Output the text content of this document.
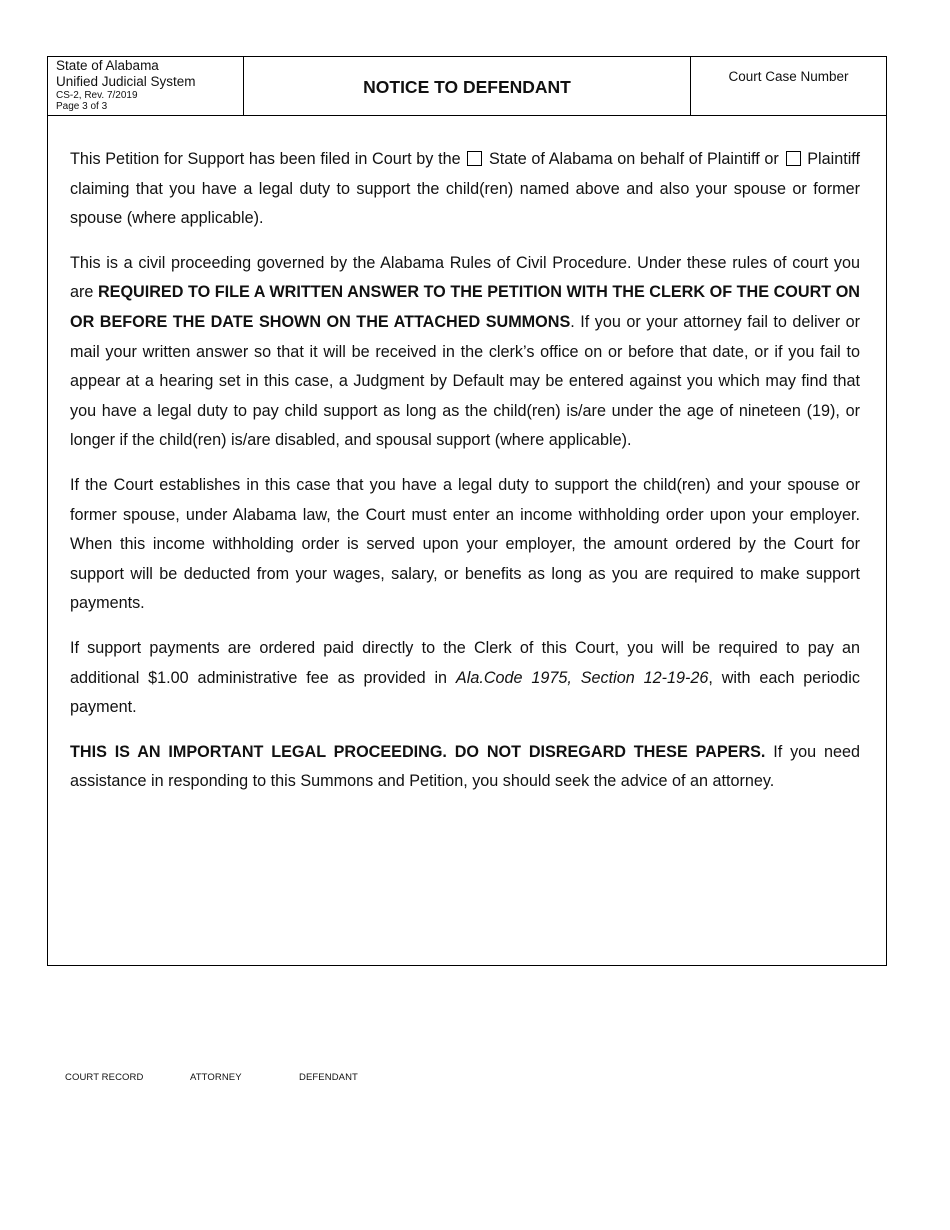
State of Alabama
Unified Judicial System
CS-2, Rev. 7/2019
Page 3 of 3
NOTICE TO DEFENDANT	Court Case Number

This Petition for Support has been filed in Court by the State of Alabama on behalf of Plaintiff or Plaintiff claiming that you have a legal duty to support the child(ren) named above and also your spouse or former spouse (where applicable).

This is a civil proceeding governed by the Alabama Rules of Civil Procedure. Under these rules of court you are REQUIRED TO FILE A WRITTEN ANSWER TO THE PETITION WITH THE CLERK OF THE COURT ON OR BEFORE THE DATE SHOWN ON THE ATTACHED SUMMONS. If you or your attorney fail to deliver or mail your written answer so that it will be received in the clerk’s office on or before that date, or if you fail to appear at a hearing set in this case, a Judgment by Default may be entered against you which may find that you have a legal duty to pay child support as long as the child(ren) is/are under the age of nineteen (19), or longer if the child(ren) is/are disabled, and spousal support (where applicable).

If the Court establishes in this case that you have a legal duty to support the child(ren) and your spouse or former spouse, under Alabama law, the Court must enter an income withholding order upon your employer. When this income withholding order is served upon your employer, the amount ordered by the Court for support will be deducted from your wages, salary, or benefits as long as you are required to make support payments.

If support payments are ordered paid directly to the Clerk of this Court, you will be required to pay an additional $1.00 administrative fee as provided in Ala.Code 1975, Section 12-19-26, with each periodic payment.

THIS IS AN IMPORTANT LEGAL PROCEEDING. DO NOT DISREGARD THESE PAPERS. If you need assistance in responding to this Summons and Petition, you should seek the advice of an attorney.

COURT RECORD	ATTORNEY	DEFENDANT
